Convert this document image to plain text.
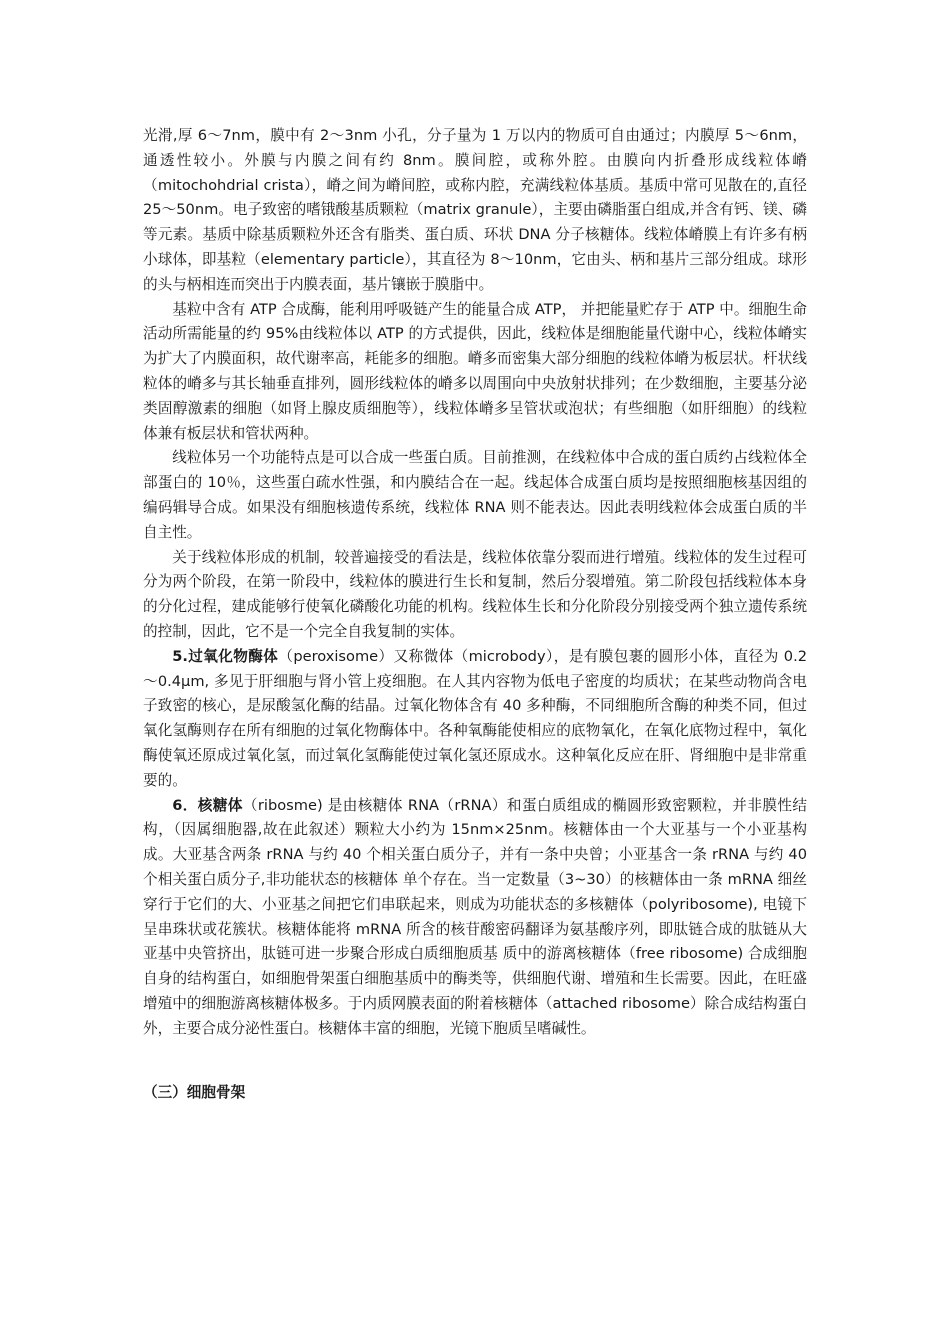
光滑,厚 6～7nm，膜中有 2～3nm 小孔，分子量为 1 万以内的物质可自由通过；内膜厚 5～6nm，通透性较小。外膜与内膜之间有约 8nm。膜间腔，或称外腔。由膜向内折叠形成线粒体嵴（mitochohdrial crista），嵴之间为嵴间腔，或称内腔，充满线粒体基质。基质中常可见散在的,直径 25～50nm。电子致密的嗜锇酸基质颗粒（matrix granule），主要由磷脂蛋白组成,并含有钙、镁、磷等元素。基质中除基质颗粒外还含有脂类、蛋白质、环状 DNA 分子核糖体。线粒体嵴膜上有许多有柄小球体，即基粒（elementary particle），其直径为 8～10nm，它由头、柄和基片三部分组成。球形的头与柄相连而突出于内膜表面，基片镶嵌于膜脂中。

基粒中含有 ATP 合成酶，能利用呼吸链产生的能量合成 ATP， 并把能量贮存于 ATP 中。细胞生命活动所需能量的约 95%由线粒体以 ATP 的方式提供，因此，线粒体是细胞能量代谢中心，线粒体嵴实为扩大了内膜面积，故代谢率高，耗能多的细胞。嵴多而密集大部分细胞的线粒体嵴为板层状。杆状线粒体的嵴多与其长轴垂直排列，圆形线粒体的嵴多以周围向中央放射状排列；在少数细胞，主要基分泌类固醇激素的细胞（如肾上腺皮质细胞等），线粒体嵴多呈管状或泡状；有些细胞（如肝细胞）的线粒体兼有板层状和管状两种。

线粒体另一个功能特点是可以合成一些蛋白质。目前推测，在线粒体中合成的蛋白质约占线粒体全部蛋白的 10％，这些蛋白疏水性强，和内膜结合在一起。线起体合成蛋白质均是按照细胞核基因组的编码辑导合成。如果没有细胞核遗传系统，线粒体 RNA 则不能表达。因此表明线粒体会成蛋白质的半自主性。

关于线粒体形成的机制，较普遍接受的看法是，线粒体依靠分裂而进行增殖。线粒体的发生过程可分为两个阶段，在第一阶段中，线粒体的膜进行生长和复制，然后分裂增殖。第二阶段包括线粒体本身的分化过程，建成能够行使氧化磷酸化功能的机构。线粒体生长和分化阶段分别接受两个独立遗传系统的控制，因此，它不是一个完全自我复制的实体。

5.过氧化物酶体（peroxisome）又称微体（microbody），是有膜包裹的圆形小体，直径为 0.2～0.4μm, 多见于肝细胞与肾小管上疫细胞。在人其内容物为低电子密度的均质状；在某些动物尚含电子致密的核心，是尿酸氢化酶的结晶。过氧化物体含有 40 多种酶，不同细胞所含酶的种类不同，但过氧化氢酶则存在所有细胞的过氧化物酶体中。各种氧酶能使相应的底物氧化，在氧化底物过程中，氧化酶使氧还原成过氧化氢，而过氧化氢酶能使过氧化氢还原成水。这种氧化反应在肝、肾细胞中是非常重要的。

6．核糖体（ribosme) 是由核糖体 RNA（rRNA）和蛋白质组成的椭圆形致密颗粒，并非膜性结构，（因属细胞器,故在此叙述）颗粒大小约为 15nm×25nm。核糖体由一个大亚基与一个小亚基构成。大亚基含两条 rRNA 与约 40 个相关蛋白质分子，并有一条中央曾；小亚基含一条 rRNA 与约 40 个相关蛋白质分子,非功能状态的核糖体 单个存在。当一定数量（3~30）的核糖体由一条 mRNA 细丝穿行于它们的大、小亚基之间把它们串联起来，则成为功能状态的多核糖体（polyribosome), 电镜下呈串珠状或花簇状。核糖体能将 mRNA 所含的核苷酸密码翻译为氨基酸序列，即肽链合成的肽链从大亚基中央管挤出，肽链可进一步聚合形成白质细胞质基 质中的游离核糖体（free ribosome) 合成细胞自身的结构蛋白，如细胞骨架蛋白细胞基质中的酶类等，供细胞代谢、增殖和生长需要。因此，在旺盛增殖中的细胞游离核糖体极多。于内质网膜表面的附着核糖体（attached ribosome）除合成结构蛋白外，主要合成分泌性蛋白。核糖体丰富的细胞，光镜下胞质呈嗜碱性。

（三）细胞骨架
